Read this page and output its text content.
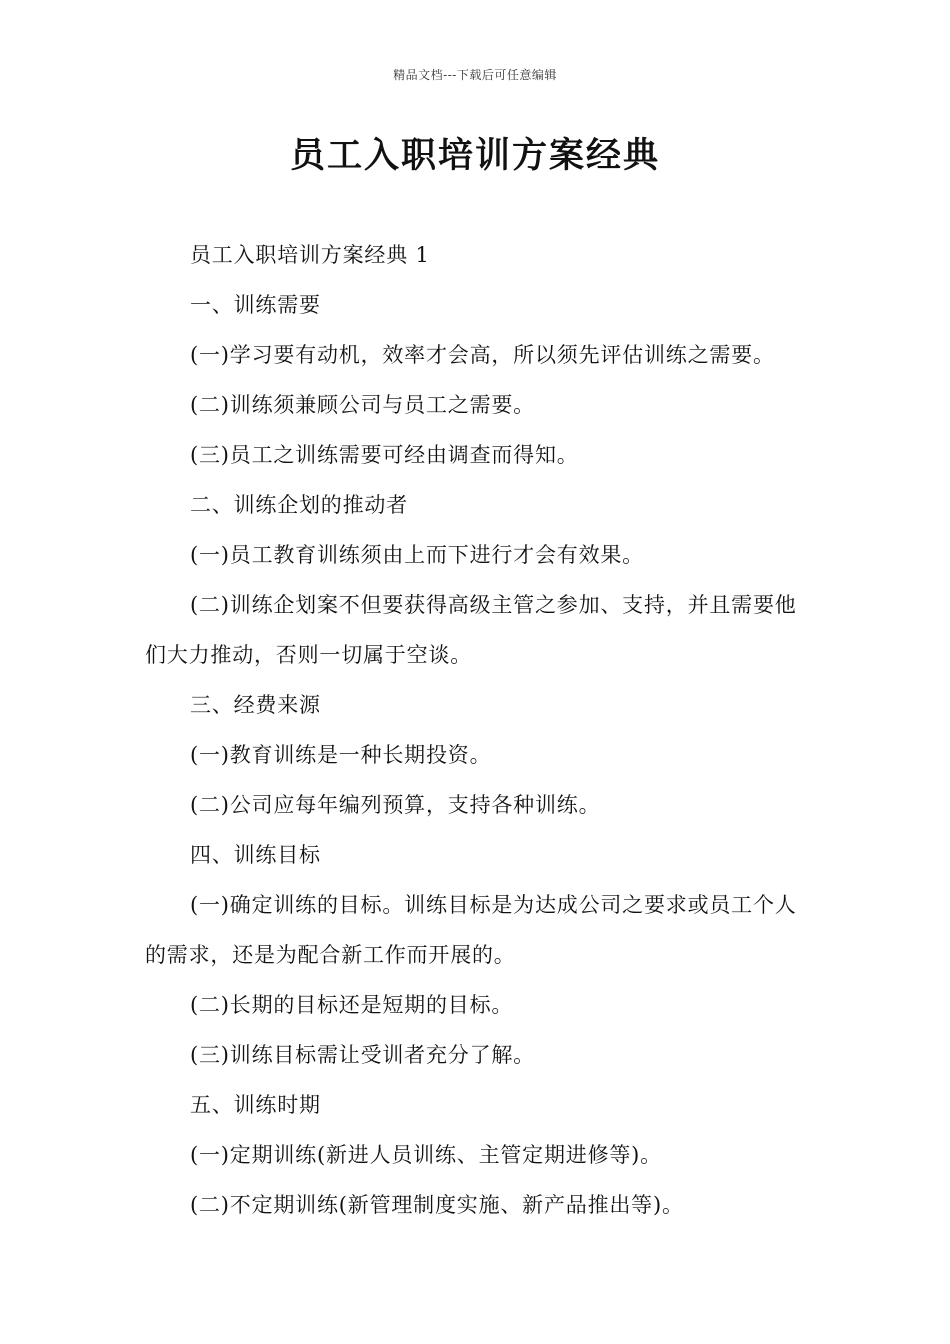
精品文档---下载后可任意编辑
员工入职培训方案经典

员工入职培训方案经典 1

一、训练需要

(一)学习要有动机，效率才会高，所以须先评估训练之需要。

(二)训练须兼顾公司与员工之需要。

(三)员工之训练需要可经由调查而得知。

二、训练企划的推动者

(一)员工教育训练须由上而下进行才会有效果。

(二)训练企划案不但要获得高级主管之参加、支持，并且需要他们大力推动，否则一切属于空谈。

三、经费来源

(一)教育训练是一种长期投资。

(二)公司应每年编列预算，支持各种训练。

四、训练目标

(一)确定训练的目标。训练目标是为达成公司之要求或员工个人的需求，还是为配合新工作而开展的。

(二)长期的目标还是短期的目标。

(三)训练目标需让受训者充分了解。

五、训练时期

(一)定期训练(新进人员训练、主管定期进修等)。

(二)不定期训练(新管理制度实施、新产品推出等)。
